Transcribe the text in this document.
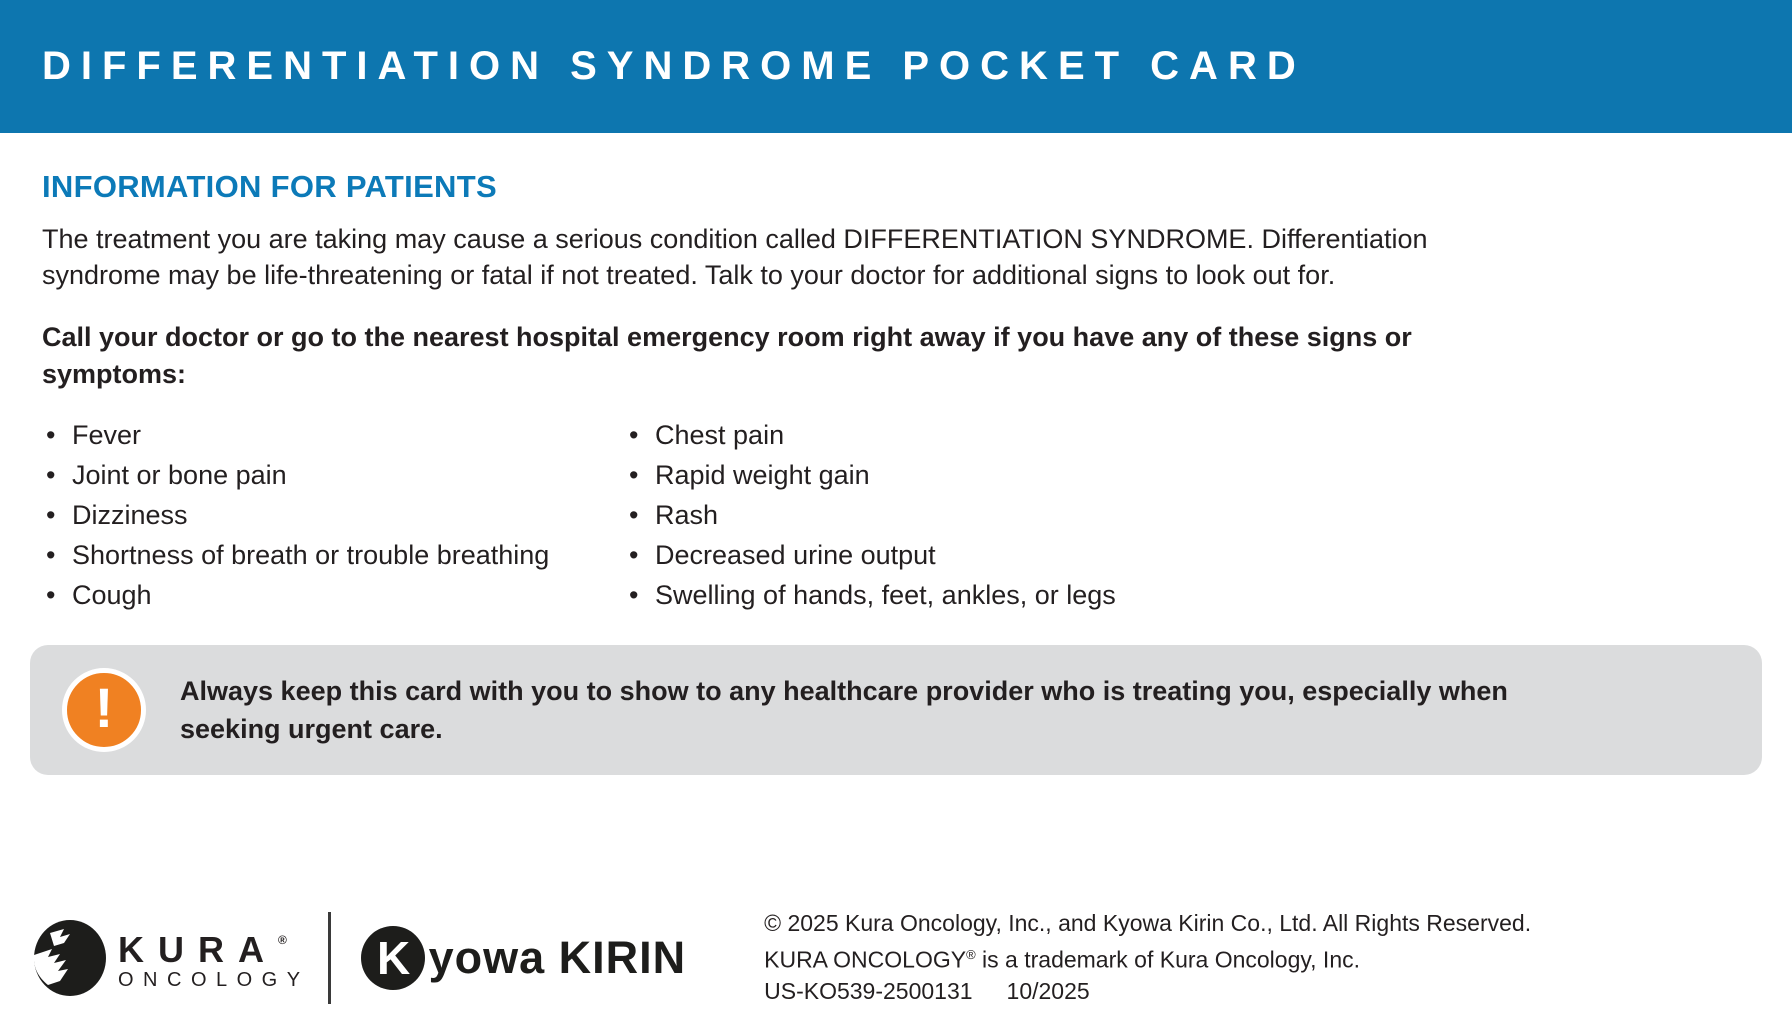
DIFFERENTIATION SYNDROME POCKET CARD
INFORMATION FOR PATIENTS

The treatment you are taking may cause a serious condition called DIFFERENTIATION SYNDROME. Differentiation syndrome may be life-threatening or fatal if not treated. Talk to your doctor for additional signs to look out for.

Call your doctor or go to the nearest hospital emergency room right away if you have any of these signs or symptoms:

• Fever
• Joint or bone pain
• Dizziness
• Shortness of breath or trouble breathing
• Cough
• Chest pain
• Rapid weight gain
• Rash
• Decreased urine output
• Swelling of hands, feet, ankles, or legs
! Always keep this card with you to show to any healthcare provider who is treating you, especially when seeking urgent care.
KURA®
ONCOLOGY K yowa KIRIN
© 2025 Kura Oncology, Inc., and Kyowa Kirin Co., Ltd. All Rights Reserved.
KURA ONCOLOGY® is a trademark of Kura Oncology, Inc.
US-KO539-2500131 10/2025
